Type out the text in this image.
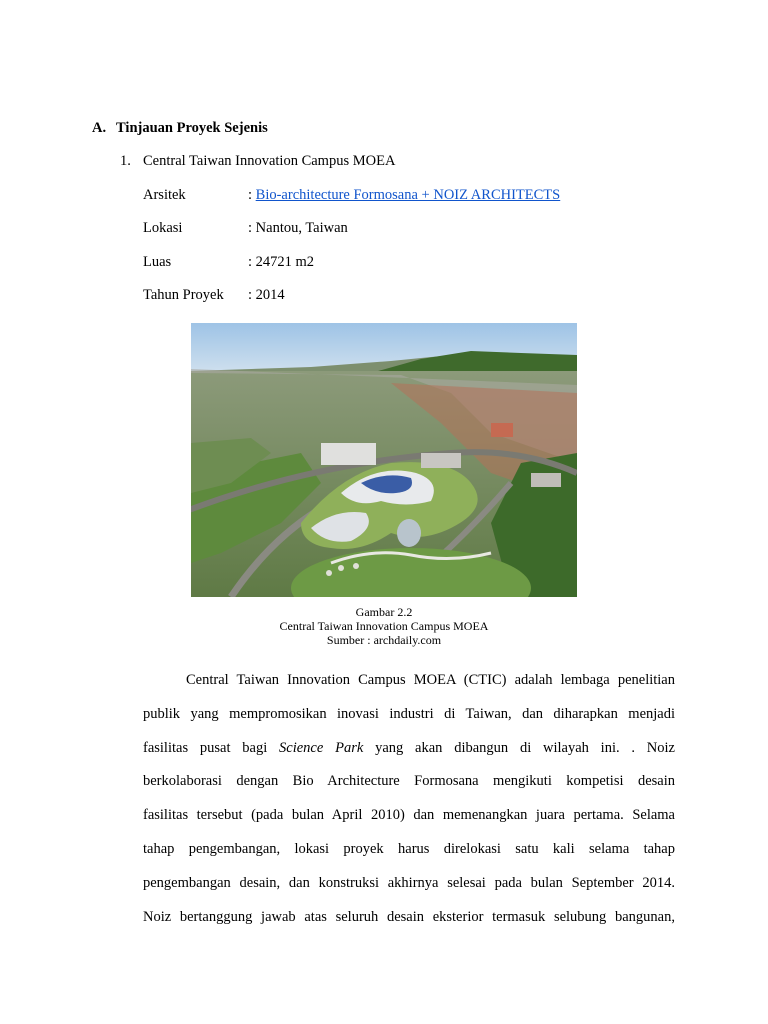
A. Tinjauan Proyek Sejenis
1. Central Taiwan Innovation Campus MOEA
Arsitek	: Bio-architecture Formosana + NOIZ ARCHITECTS
Lokasi	: Nantou, Taiwan
Luas	: 24721 m2
Tahun Proyek : 2014
Gambar 2.2
Central Taiwan Innovation Campus MOEA
Sumber : archdaily.com
Central Taiwan Innovation Campus MOEA (CTIC) adalah lembaga penelitian
publik yang mempromosikan inovasi industri di Taiwan, dan diharapkan menjadi
fasilitas pusat bagi Science Park yang akan dibangun di wilayah ini. . Noiz
berkolaborasi dengan Bio Architecture Formosana mengikuti kompetisi desain
fasilitas tersebut (pada bulan April 2010) dan memenangkan juara pertama. Selama
tahap pengembangan, lokasi proyek harus direlokasi satu kali selama tahap
pengembangan desain, dan konstruksi akhirnya selesai pada bulan September 2014.
Noiz bertanggung jawab atas seluruh desain eksterior termasuk selubung bangunan,
